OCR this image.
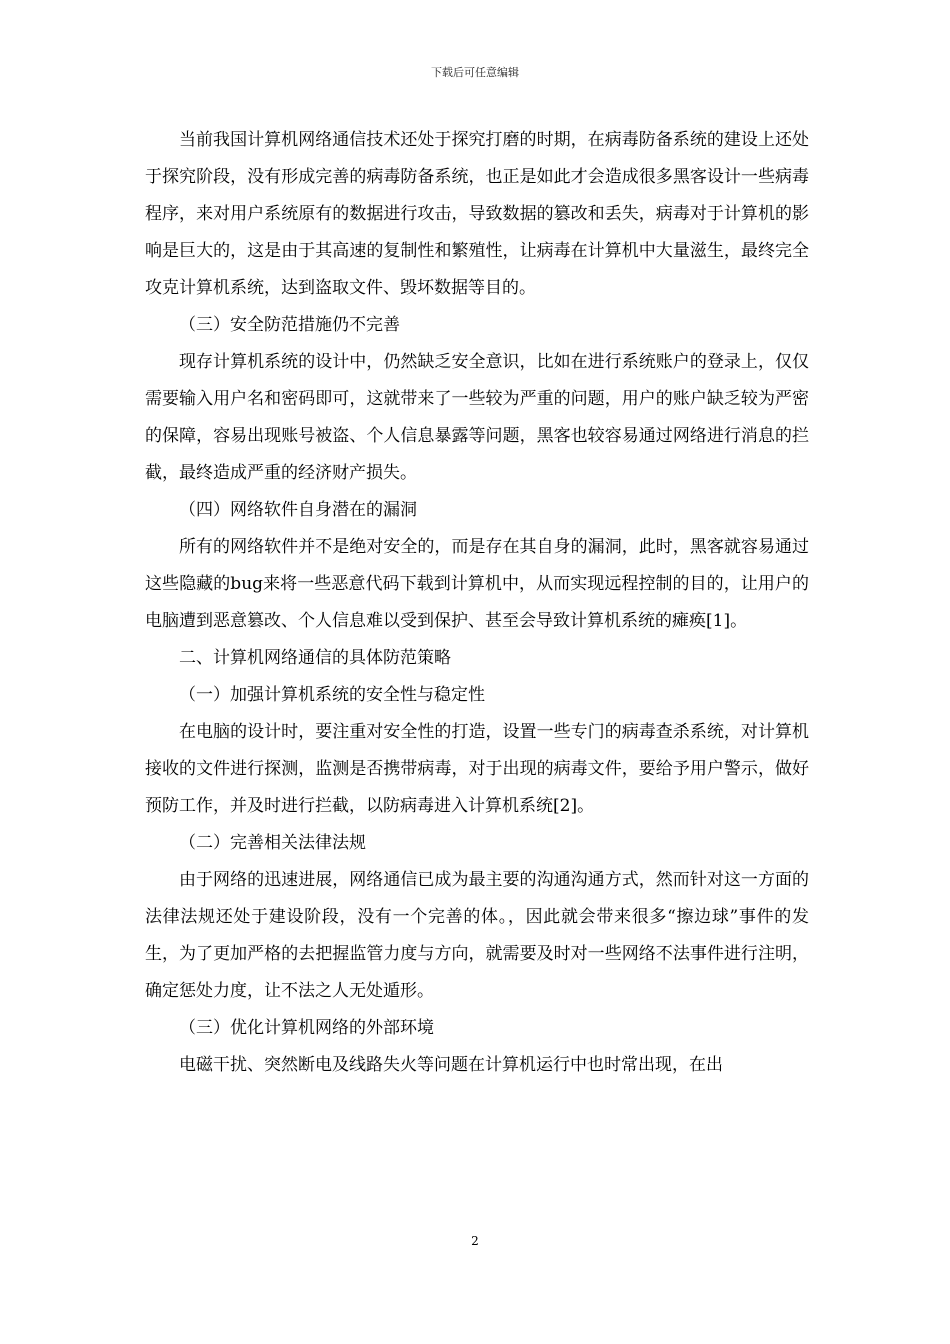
下载后可任意编辑

当前我国计算机网络通信技术还处于探究打磨的时期，在病毒防备系统的建设上还处于探究阶段，没有形成完善的病毒防备系统，也正是如此才会造成很多黑客设计一些病毒程序，来对用户系统原有的数据进行攻击，导致数据的篡改和丢失，病毒对于计算机的影响是巨大的，这是由于其高速的复制性和繁殖性，让病毒在计算机中大量滋生，最终完全攻克计算机系统，达到盗取文件、毁坏数据等目的。

（三）安全防范措施仍不完善

现存计算机系统的设计中，仍然缺乏安全意识，比如在进行系统账户的登录上，仅仅需要输入用户名和密码即可，这就带来了一些较为严重的问题，用户的账户缺乏较为严密的保障，容易出现账号被盗、个人信息暴露等问题，黑客也较容易通过网络进行消息的拦截，最终造成严重的经济财产损失。

（四）网络软件自身潜在的漏洞

所有的网络软件并不是绝对安全的，而是存在其自身的漏洞，此时，黑客就容易通过这些隐藏的bug来将一些恶意代码下载到计算机中，从而实现远程控制的目的，让用户的电脑遭到恶意篡改、个人信息难以受到保护、甚至会导致计算机系统的瘫痪[1]。

二、计算机网络通信的具体防范策略

（一）加强计算机系统的安全性与稳定性

在电脑的设计时，要注重对安全性的打造，设置一些专门的病毒查杀系统，对计算机接收的文件进行探测，监测是否携带病毒，对于出现的病毒文件，要给予用户警示，做好预防工作，并及时进行拦截，以防病毒进入计算机系统[2]。

（二）完善相关法律法规

由于网络的迅速进展，网络通信已成为最主要的沟通沟通方式，然而针对这一方面的法律法规还处于建设阶段，没有一个完善的体。，因此就会带来很多“擦边球”事件的发生，为了更加严格的去把握监管力度与方向，就需要及时对一些网络不法事件进行注明，确定惩处力度，让不法之人无处遁形。

（三）优化计算机网络的外部环境

电磁干扰、突然断电及线路失火等问题在计算机运行中也时常出现，在出

2
